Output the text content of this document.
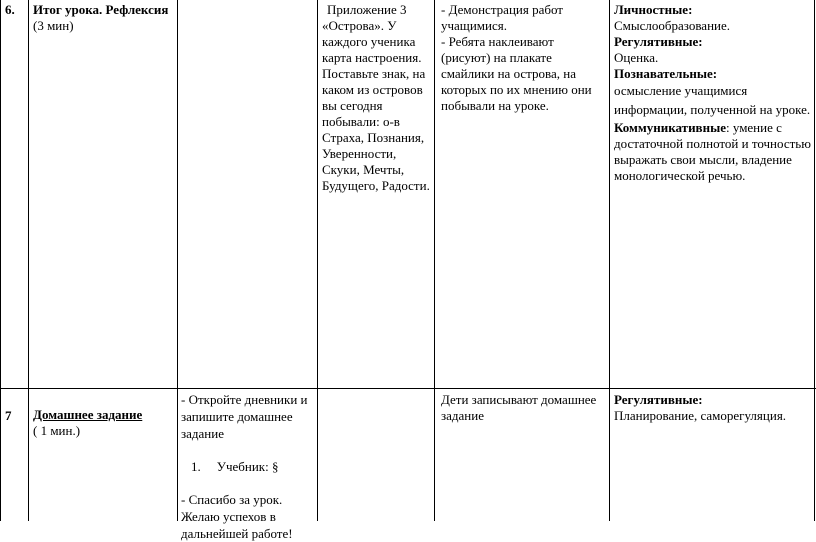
6. Итог урока. Рефлексия

(3 мин)

Приложение 3

«Острова». У

каждого ученика

карта настроения.

Поставьте знак, на

каком из островов

вы сегодня

побывали: о-в

Страха, Познания,

Уверенности,

Скуки, Мечты,

Будущего, Радости.

- Демонстрация работ

учащимися.

- Ребята наклеивают

(рисуют) на плакате

смайлики на острова, на

которых по их мнению они

побывали на уроке.

Личностные:

Смыслообразование.

Регулятивные:

Оценка.

Познавательные:

осмысление учащимися

информации, полученной на уроке.

Коммуникативные: умение с

достаточной полнотой и точностью

выражать свои мысли, владение

монологической речью.

7 Домашнее задание

( 1 мин.)

- Откройте дневники и

запишите домашнее

задание

1. Учебник: §

- Спасибо за урок.

Желаю успехов в

дальнейшей работе!

Дети записывают домашнее

задание

Регулятивные:

Планирование, саморегуляция.
